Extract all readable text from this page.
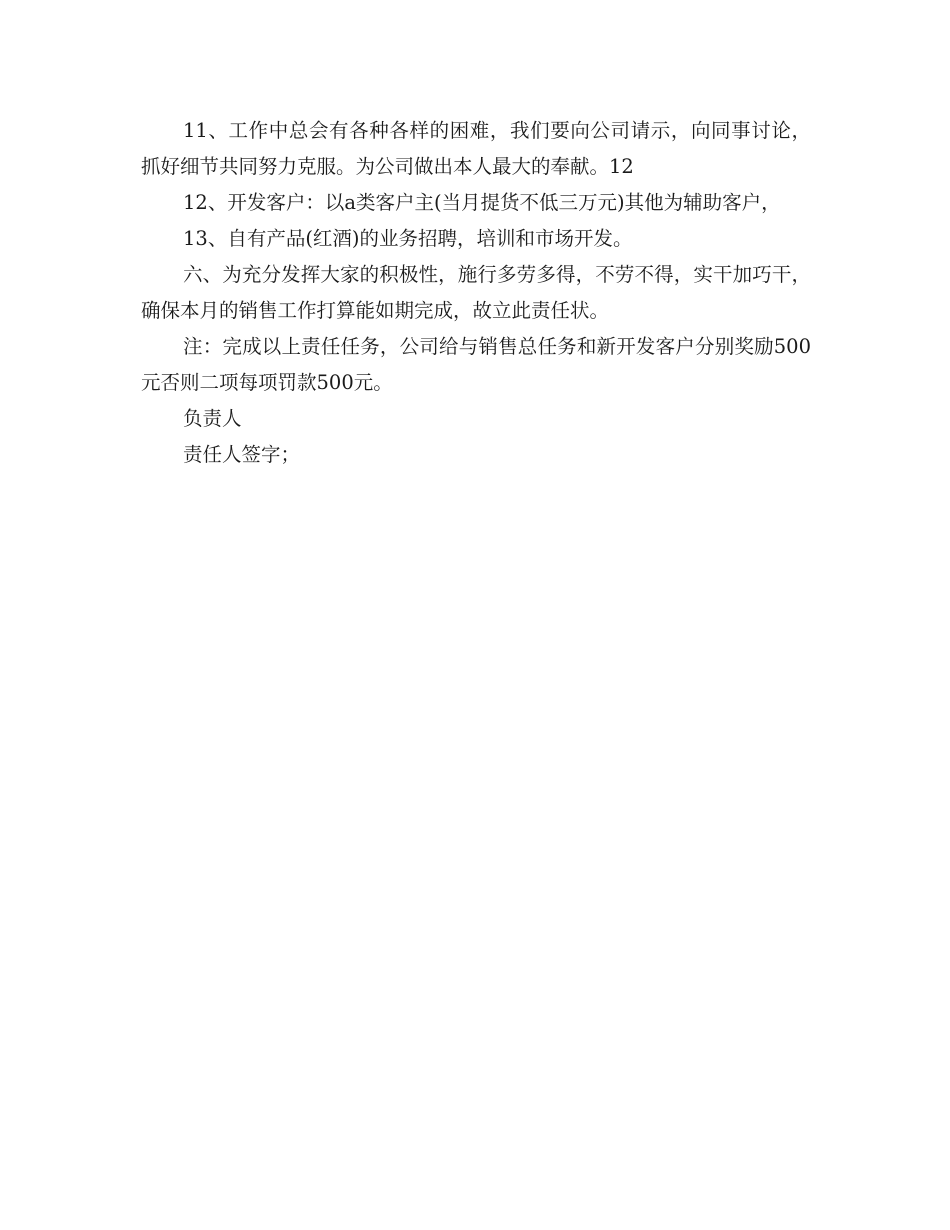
11、工作中总会有各种各样的困难，我们要向公司请示，向同事讨论，抓好细节共同努力克服。为公司做出本人最大的奉献。12

12、开发客户：以a类客户主(当月提货不低三万元)其他为辅助客户，

13、自有产品(红酒)的业务招聘，培训和市场开发。

六、为充分发挥大家的积极性，施行多劳多得，不劳不得，实干加巧干，确保本月的销售工作打算能如期完成，故立此责任状。

注：完成以上责任任务，公司给与销售总任务和新开发客户分别奖励500元否则二项每项罚款500元。

负责人

责任人签字；
